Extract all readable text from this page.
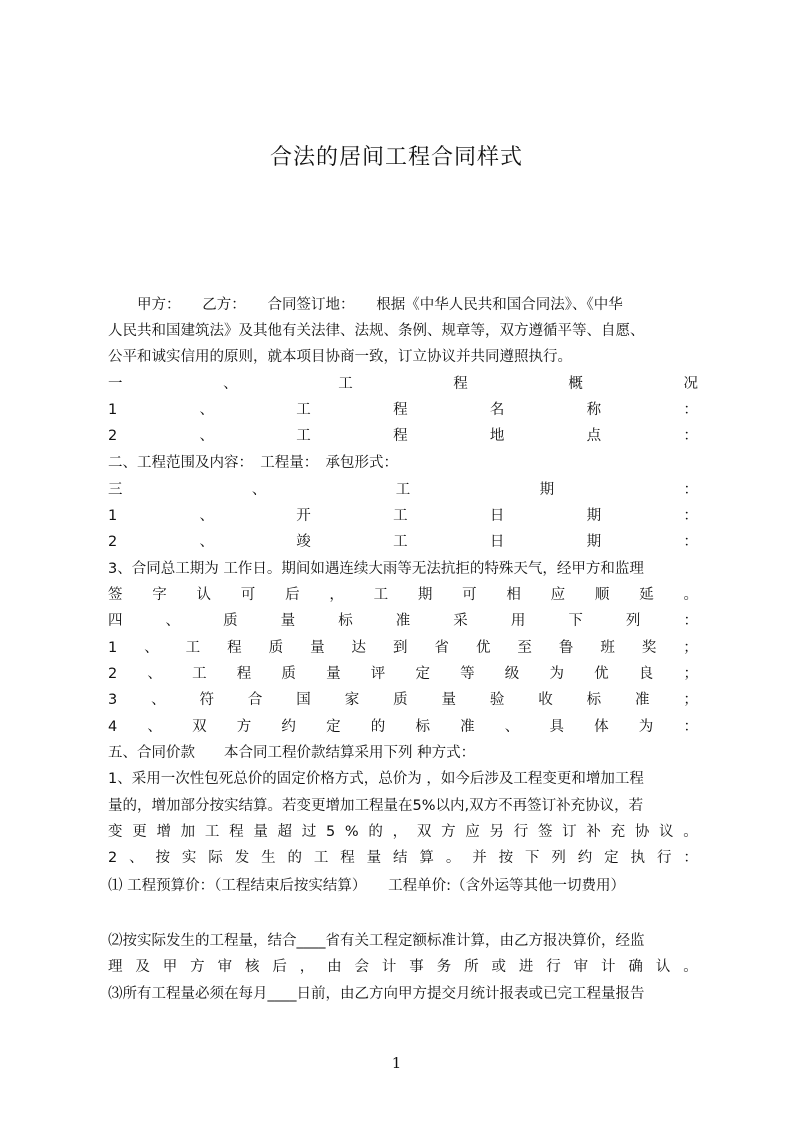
合法的居间工程合同样式
　　甲方：　　乙方：　　合同签订地：　　根据《中华人民共和国合同法》、《中华
人民共和国建筑法》及其他有关法律、法规、条例、规章等，双方遵循平等、自愿、
公平和诚实信用的原则，就本项目协商一致，订立协议并共同遵照执行。
一	、	工	程	概	况
1	、	工	程	名	称	：
2	、	工	程	地	点	：
二、工程范围及内容：　工程量：　承包形式：
三	、	工	期	：
1	、	开	工	日	期	：
2	、	竣	工	日	期	：
3、合同总工期为 工作日。期间如遇连续大雨等无法抗拒的特殊天气，经甲方和监理
签 字 认 可 后 ， 工 期 可 相 应 顺 延 。
四	、	质	量	标	准	采	用	下	列	：
1 、 工 程 质 量 达 到 省 优 至 鲁 班 奖 ；
2 、 工 程 质 量 评 定 等 级 为 优 良 ；
3 、 符 合 国 家 质 量 验 收 标 准 ；
4 、 双 方 约 定 的 标 准 、 具 体 为 ：
五、合同价款　　本合同工程价款结算采用下列 种方式：
1、采用一次性包死总价的固定价格方式，总价为 ，如今后涉及工程变更和增加工程
量的，增加部分按实结算。若变更增加工程量在5%以内,双方不再签订补充协议，若
变 更 增 加 工 程 量 超 过 5 % 的 ， 双 方 应 另 行 签 订 补 充 协 议 。
2 、 按 实 际 发 生 的 工 程 量 结 算 。 并 按 下 列 约 定 执 行 ：
⑴ 工程预算价：（工程结束后按实结算）　　工程单价:（含外运等其他一切费用）
⑵按实际发生的工程量，结合____省有关工程定额标准计算，由乙方报决算价，经监
理 及 甲 方 审 核 后 ， 由 会 计 事 务 所 或 进 行 审 计 确 认 。
⑶所有工程量必须在每月____日前，由乙方向甲方提交月统计报表或已完工程量报告
1
